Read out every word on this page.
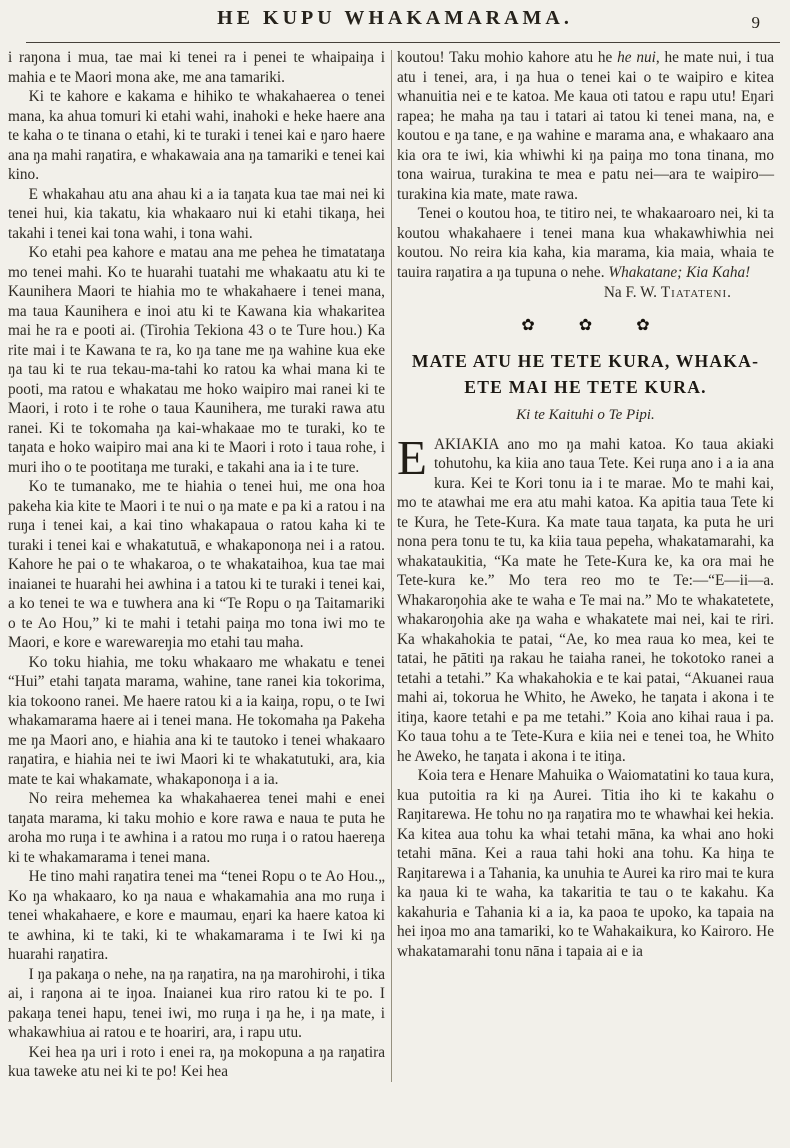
HE KUPU WHAKAMARAMA.	9

i raŋona i mua, tae mai ki tenei ra i penei te whaipaiŋa i mahia e te Maori mona ake, me ana tamariki.

Ki te kahore e kakama e hihiko te whakahaerea o tenei mana, ka ahua tomuri ki etahi wahi, inahoki e heke haere ana te kaha o te tinana o etahi, ki te turaki i tenei kai e ŋaro haere ana ŋa mahi raŋatira, e whakawaia ana ŋa tamariki e tenei kai kino.

E whakahau atu ana ahau ki a ia taŋata kua tae mai nei ki tenei hui, kia takatu, kia whakaaro nui ki etahi tikaŋa, hei takahi i tenei kai tona wahi, i tona wahi.

Ko etahi pea kahore e matau ana me pehea he timatataŋa mo tenei mahi. Ko te huarahi tuatahi me whakaatu atu ki te Kaunihera Maori te hiahia mo te whakahaere i tenei mana, ma taua Kaunihera e inoi atu ki te Kawana kia whakaritea mai he ra e pooti ai. (Tirohia Tekiona 43 o te Ture hou.) Ka rite mai i te Kawana te ra, ko ŋa tane me ŋa wahine kua eke ŋa tau ki te rua tekau-ma-tahi ko ratou ka whai mana ki te pooti, ma ratou e whakatau me hoko waipiro mai ranei ki te Maori, i roto i te rohe o taua Kaunihera, me turaki rawa atu ranei. Ki te tokomaha ŋa kai-whakaae mo te turaki, ko te taŋata e hoko waipiro mai ana ki te Maori i roto i taua rohe, i muri iho o te pootitaŋa me turaki, e takahi ana ia i te ture.

Ko te tumanako, me te hiahia o tenei hui, me ona hoa pakeha kia kite te Maori i te nui o ŋa mate e pa ki a ratou i na ruŋa i tenei kai, a kai tino whakapaua o ratou kaha ki te turaki i tenei kai e whakatutuā, e whakaponoŋa nei i a ratou. Kahore he pai o te whakaroa, o te whakataihoa, kua tae mai inaianei te huarahi hei awhina i a tatou ki te turaki i tenei kai, a ko tenei te wa e tuwhera ana ki “Te Ropu o ŋa Taitamariki o te Ao Hou,” ki te mahi i tetahi paiŋa mo tona iwi mo te Maori, e kore e warewareŋia mo etahi tau maha.

Ko toku hiahia, me toku whakaaro me whakatu e tenei “Hui” etahi taŋata marama, wahine, tane ranei kia tokorima, kia tokoono ranei. Me haere ratou ki a ia kaiŋa, ropu, o te Iwi whakamarama haere ai i tenei mana. He tokomaha ŋa Pakeha me ŋa Maori ano, e hiahia ana ki te tautoko i tenei whakaaro raŋatira, e hiahia nei te iwi Maori ki te whakatutuki, ara, kia mate te kai whakamate, whakaponoŋa i a ia.

No reira mehemea ka whakahaerea tenei mahi e enei taŋata marama, ki taku mohio e kore rawa e naua te puta he aroha mo ruŋa i te awhina i a ratou mo ruŋa i o ratou haereŋa ki te whakamarama i tenei mana.

He tino mahi raŋatira tenei ma “tenei Ropu o te Ao Hou.„ Ko ŋa whakaaro, ko ŋa naua e whakamahia ana mo ruŋa i tenei whakahaere, e kore e maumau, eŋari ka haere katoa ki te awhina, ki te taki, ki te whakamarama i te Iwi ki ŋa huarahi raŋatira.

I ŋa pakaŋa o nehe, na ŋa raŋatira, na ŋa marohirohi, i tika ai, i raŋona ai te iŋoa. Inaianei kua riro ratou ki te po. I pakaŋa tenei hapu, tenei iwi, mo ruŋa i ŋa he, i ŋa mate, i whakawhiua ai ratou e te hoariri, ara, i rapu utu.

Kei hea ŋa uri i roto i enei ra, ŋa mokopuna a ŋa raŋatira kua taweke atu nei ki te po! Kei hea

koutou! Taku mohio kahore atu he he nui, he mate nui, i tua atu i tenei, ara, i ŋa hua o tenei kai o te waipiro e kitea whanuitia nei e te katoa. Me kaua oti tatou e rapu utu! Eŋari rapea; he maha ŋa tau i tatari ai tatou ki tenei mana, na, e koutou e ŋa tane, e ŋa wahine e marama ana, e whakaaro ana kia ora te iwi, kia whiwhi ki ŋa paiŋa mo tona tinana, mo tona wairua, turakina te mea e patu nei—ara te waipiro—turakina kia mate, mate rawa.

Tenei o koutou hoa, te titiro nei, te whakaaroaro nei, ki ta koutou whakahaere i tenei mana kua whakawhiwhia nei koutou. No reira kia kaha, kia marama, kia maia, whaia te tauira raŋatira a ŋa tupuna o nehe. Whakatane; Kia Kaha!

Na F. W. Tiatateni.
✿	✿	✿
MATE ATU HE TETE KURA, WHAKA-
ETE MAI HE TETE KURA.
Ki te Kaituhi o Te Pipi.

EAKIAKIA ano mo ŋa mahi katoa. Ko taua akiaki tohutohu, ka kiia ano taua Tete. Kei ruŋa ano i a ia ana kura. Kei te Kori tonu ia i te marae. Mo te mahi kai, mo te atawhai me era atu mahi katoa. Ka apitia taua Tete ki te Kura, he Tete-Kura. Ka mate taua taŋata, ka puta he uri nona pera tonu te tu, ka kiia taua pepeha, whakatamarahi, ka whakataukitia, “Ka mate he Tete-Kura ke, ka ora mai he Tete-kura ke.” Mo tera reo mo te Te:—“E—ii—a. Whakaroŋohia ake te waha e Te mai na.” Mo te whakatetete, whakaroŋohia ake ŋa waha e whakatete mai nei, kai te riri. Ka whakahokia te patai, “Ae, ko mea raua ko mea, kei te tatai, he pātiti ŋa rakau he taiaha ranei, he tokotoko ranei a tetahi a tetahi.” Ka whakahokia e te kai patai, “Akuanei raua mahi ai, tokorua he Whito, he Aweko, he taŋata i akona i te itiŋa, kaore tetahi e pa me tetahi.” Koia ano kihai raua i pa. Ko taua tohu a te Tete-Kura e kiia nei e tenei toa, he Whito he Aweko, he taŋata i akona i te itiŋa.

Koia tera e Henare Mahuika o Waiomatatini ko taua kura, kua putoitia ra ki ŋa Aurei. Titia iho ki te kakahu o Raŋitarewa. He tohu no ŋa raŋatira mo te whawhai kei hekia. Ka kitea aua tohu ka whai tetahi māna, ka whai ano hoki tetahi māna. Kei a raua tahi hoki ana tohu. Ka hiŋa te Raŋitarewa i a Tahania, ka unuhia te Aurei ka riro mai te kura ka ŋaua ki te waha, ka takaritia te tau o te kakahu. Ka kakahuria e Tahania ki a ia, ka paoa te upoko, ka tapaia na hei iŋoa mo ana tamariki, ko te Wahakaikura, ko Kairoro. He whakatamarahi tonu nāna i tapaia ai e ia
